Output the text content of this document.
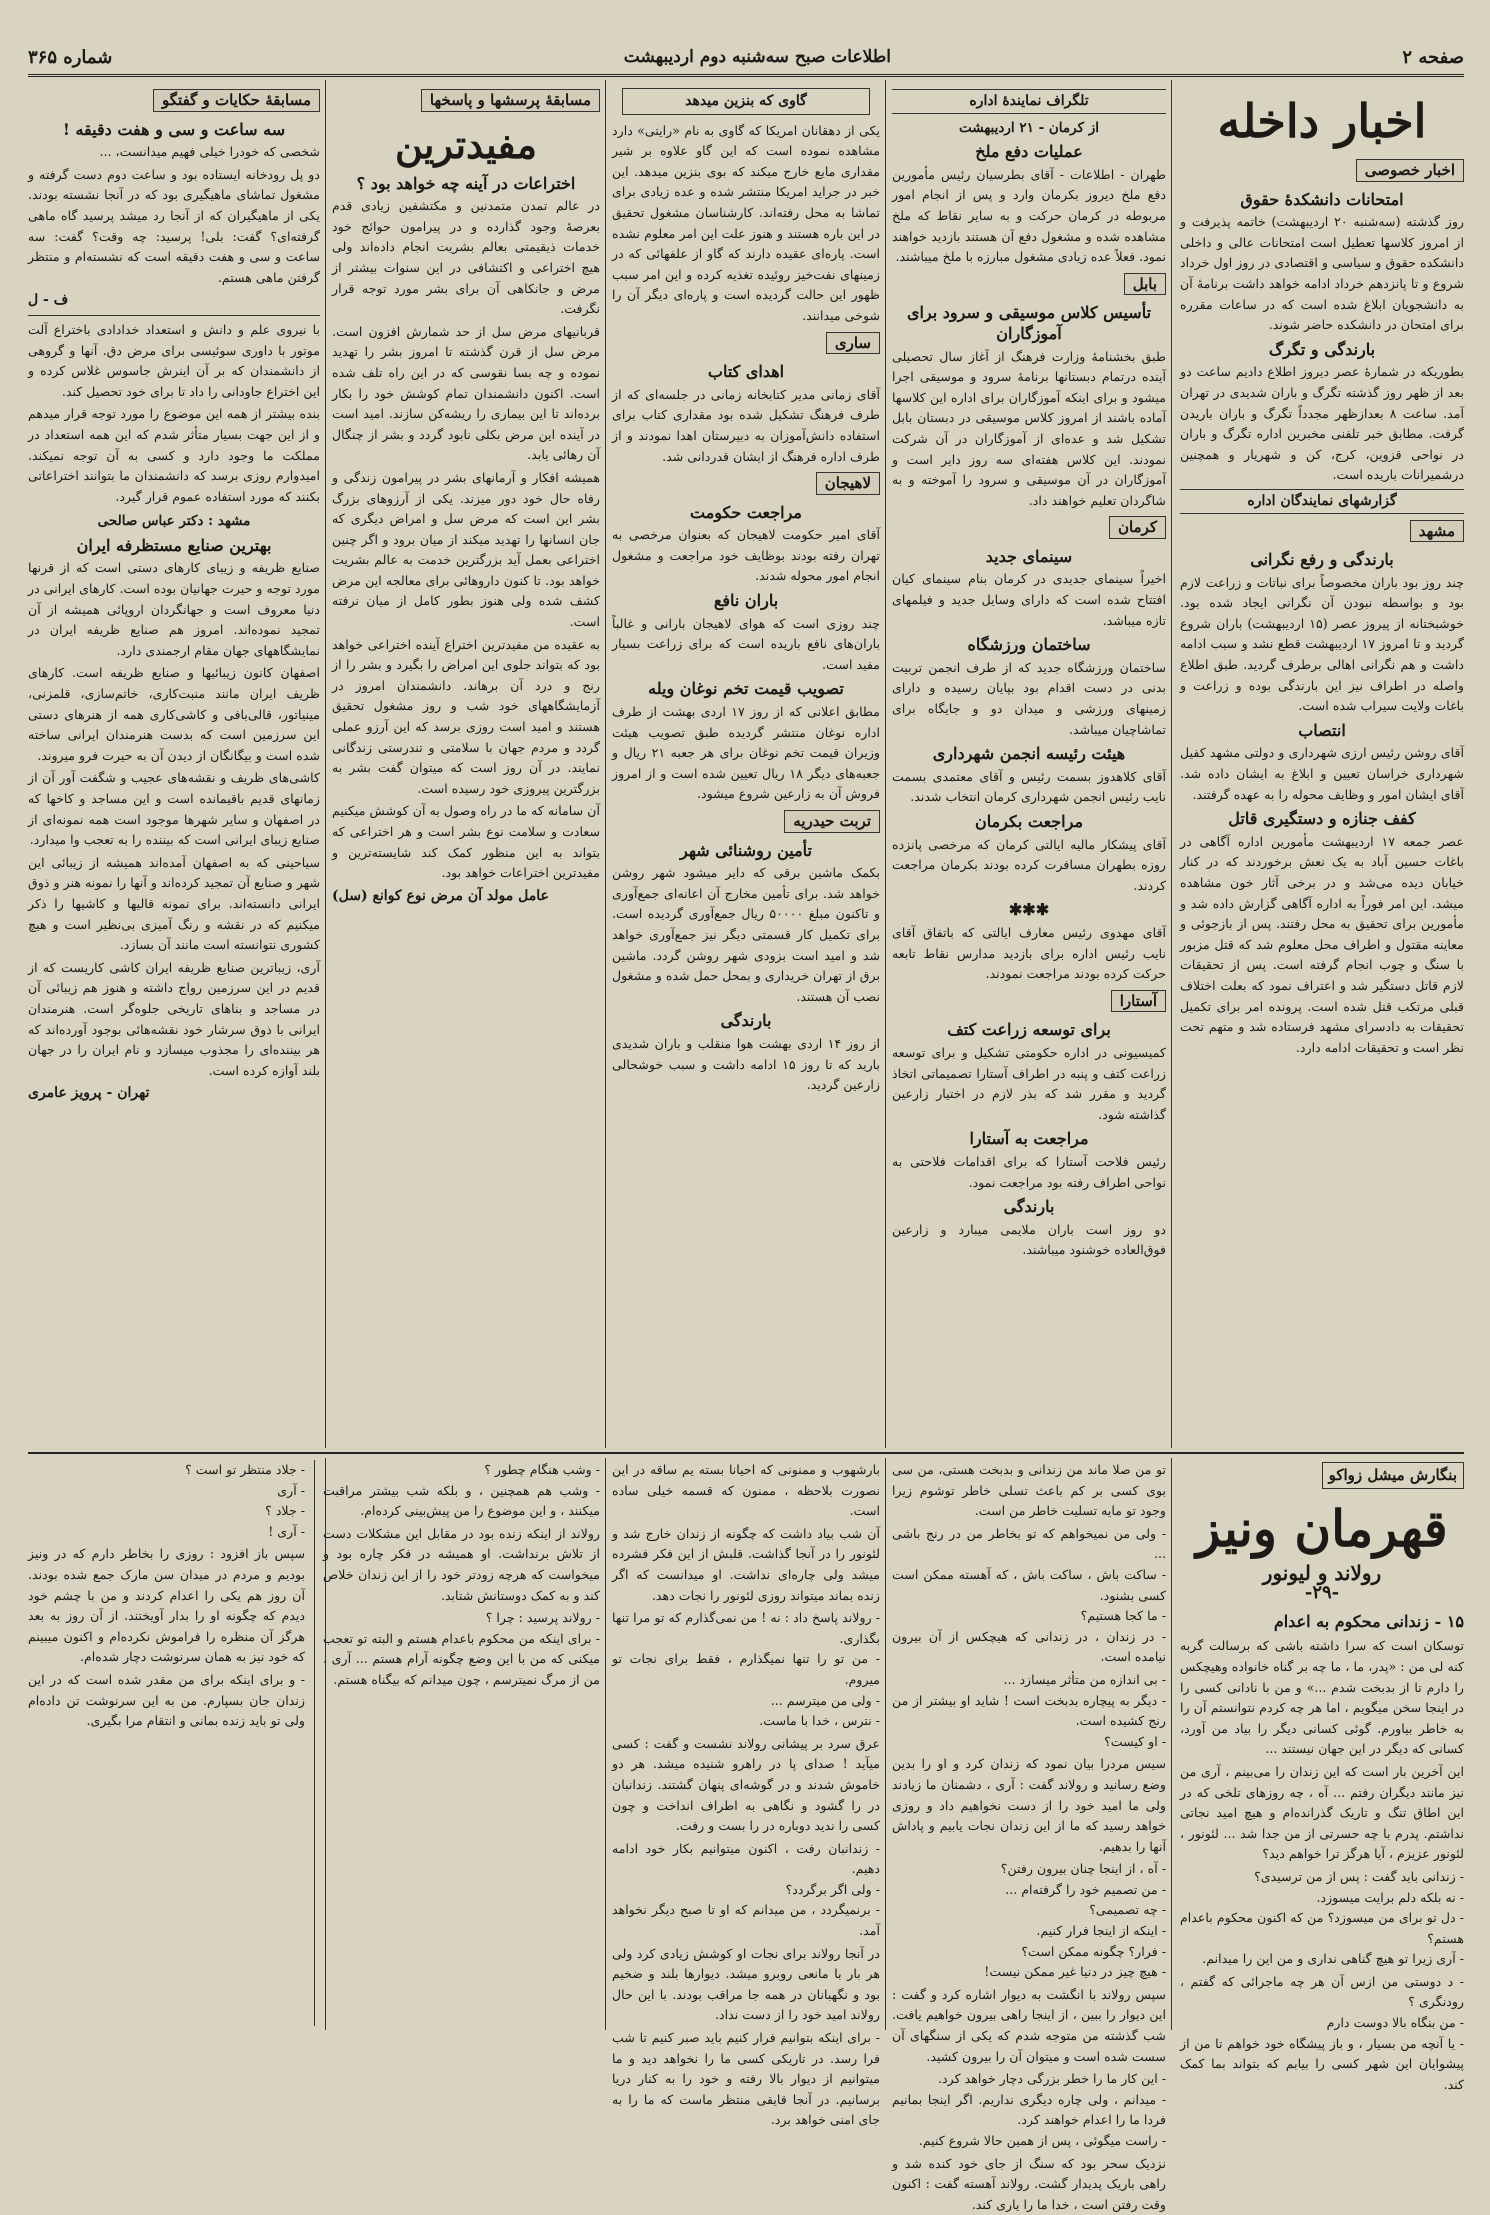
صفحه ۲
اطلاعات صبح سه‌شنبه دوم اردیبهشت
شماره ۳۶۵
اخبار داخله
اخبار خصوصی
امتحانات دانشکدهٔ حقوق

روز گذشته (سه‌شنبه ۲۰ اردیبهشت) خاتمه پذیرفت و از امروز کلاسها تعطیل است امتحانات عالی و داخلی دانشکده حقوق و سیاسی و اقتصادی در روز اول خرداد شروع و تا پانزدهم خرداد ادامه خواهد داشت برنامهٔ آن به دانشجویان ابلاغ شده است که در ساعات مقرره برای امتحان در دانشکده حاضر شوند.

بارندگی و تگرگ

بطوریکه در شمارهٔ عصر دیروز اطلاع دادیم ساعت دو بعد از ظهر روز گذشته تگرگ و باران شدیدی در تهران آمد. ساعت ۸ بعدازظهر مجدداً تگرگ و باران باریدن گرفت. مطابق خبر تلفنی مخبرین اداره تگرگ و باران در نواحی قزوین، کرج، کن و شهریار و همچنین درشمیرانات باریده است.

گزارشهای نمایندگان اداره
مشهد
بارندگی و رفع نگرانی

چند روز بود باران مخصوصاً برای نباتات و زراعت لازم بود و بواسطه نبودن آن نگرانی ایجاد شده بود. خوشبختانه از پیروز عصر (۱۵ اردیبهشت) باران شروع گردید و تا امروز ۱۷ اردیبهشت قطع نشد و سبب ادامه داشت و هم نگرانی اهالی برطرف گردید. طبق اطلاع واصله در اطراف نیز این بارندگی بوده و زراعت و باغات ولایت سیراب شده است.

انتصاب

آقای روشن رئیس ارزی شهرداری و دولتی مشهد کفیل شهرداری خراسان تعیین و ابلاغ به ایشان داده شد. آقای ایشان امور و وظایف محوله را به عهده گرفتند.

کفف جنازه و دستگیری قاتل

عصر جمعه ۱۷ اردیبهشت مأمورین اداره آگاهی در باغات حسین آباد به یک نعش برخوردند که در کنار خیابان دیده می‌شد و در برخی آثار خون مشاهده میشد. این امر فوراً به اداره آگاهی گزارش داده شد و مأمورین برای تحقیق به محل رفتند. پس از بازجوئی و معاینه مقتول و اطراف محل معلوم شد که قتل مزبور با سنگ و چوب انجام گرفته است. پس از تحقیقات لازم قاتل دستگیر شد و اعتراف نمود که بعلت اختلاف قبلی مرتکب قتل شده است. پرونده امر برای تکمیل تحقیقات به دادسرای مشهد فرستاده شد و متهم تحت نظر است و تحقیقات ادامه دارد.

تلگراف نمایندهٔ اداره
از کرمان - ۲۱ اردیبهشت
عملیات دفع ملخ

طهران - اطلاعات - آقای بطرسیان رئیس مأمورین دفع ملخ دیروز بکرمان وارد و پس از انجام امور مربوطه در کرمان حرکت و به سایر نقاط که ملخ مشاهده شده و مشغول دفع آن هستند بازدید خواهند نمود. فعلاً عده زیادی مشغول مبارزه با ملخ میباشند.

بابل
تأسیس کلاس موسیقی و سرود برای آموزگاران

طبق بخشنامهٔ وزارت فرهنگ از آغاز سال تحصیلی آینده درتمام دبستانها برنامهٔ سرود و موسیقی اجرا میشود و برای اینکه آموزگاران برای اداره این کلاسها آماده باشند از امروز کلاس موسیقی در دبستان بابل تشکیل شد و عده‌ای از آموزگاران در آن شرکت نمودند. این کلاس هفته‌ای سه روز دایر است و آموزگاران در آن موسیقی و سرود را آموخته و به شاگردان تعلیم خواهند داد.

کرمان
سینمای جدید

اخیراً سینمای جدیدی در کرمان بنام سینمای کیان افتتاح شده است که دارای وسایل جدید و فیلمهای تازه میباشد.

ساختمان ورزشگاه

ساختمان ورزشگاه جدید که از طرف انجمن تربیت بدنی در دست اقدام بود بپایان رسیده و دارای زمینهای ورزشی و میدان دو و جایگاه برای تماشاچیان میباشد.

هیئت رئیسه انجمن شهرداری

آقای کلاهدوز بسمت رئیس و آقای معتمدی بسمت نایب رئیس انجمن شهرداری کرمان انتخاب شدند.

مراجعت بکرمان

آقای پیشکار مالیه ایالتی کرمان که مرخصی پانزده روزه بطهران مسافرت کرده بودند بکرمان مراجعت کردند.

✱✱✱

آقای مهدوی رئیس معارف ایالتی که باتفاق آقای نایب رئیس اداره برای بازدید مدارس نقاط تابعه حرکت کرده بودند مراجعت نمودند.

آستارا
برای توسعه زراعت کتف

کمیسیونی در اداره حکومتی تشکیل و برای توسعه زراعت کتف و پنبه در اطراف آستارا تصمیماتی اتخاذ گردید و مقرر شد که بذر لازم در اختیار زارعین گذاشته شود.

مراجعت به آستارا

رئیس فلاحت آستارا که برای اقدامات فلاحتی به نواحی اطراف رفته بود مراجعت نمود.

بارندگی

دو روز است باران ملایمی میبارد و زارعین فوق‌العاده خوشنود میباشند.

گاوی که بنزین میدهد

یکی از دهقانان امریکا که گاوی به نام «رایتی» دارد مشاهده نموده است که این گاو علاوه بر شیر مقداری مایع خارج میکند که بوی بنزین میدهد. این خبر در جراید امریکا منتشر شده و عده زیادی برای تماشا به محل رفته‌اند. کارشناسان مشغول تحقیق در این باره هستند و هنوز علت این امر معلوم نشده است. پاره‌ای عقیده دارند که گاو از علفهائی که در زمینهای نفت‌خیز روئیده تغذیه کرده و این امر سبب ظهور این حالت گردیده است و پاره‌ای دیگر آن را شوخی میدانند.

ساری
اهدای کتاب

آقای زمانی مدیر کتابخانه زمانی در جلسه‌ای که از طرف فرهنگ تشکیل شده بود مقداری کتاب برای استفاده دانش‌آموزان به دبیرستان اهدا نمودند و از طرف اداره فرهنگ از ایشان قدردانی شد.

لاهیجان
مراجعت حکومت

آقای امیر حکومت لاهیجان که بعنوان مرخصی به تهران رفته بودند بوظایف خود مراجعت و مشغول انجام امور محوله شدند.

باران نافع

چند روزی است که هوای لاهیجان بارانی و غالباً باران‌های نافع باریده است که برای زراعت بسیار مفید است.

تصویب قیمت تخم نوغان ویله

مطابق اعلانی که از روز ۱۷ اردی بهشت از طرف اداره نوغان منتشر گردیده طبق تصویب هیئت وزیران قیمت تخم نوغان برای هر جعبه ۲۱ ریال و جعبه‌های دیگر ۱۸ ریال تعیین شده است و از امروز فروش آن به زارعین شروع میشود.

تربت حیدریه
تأمین روشنائی شهر

بکمک ماشین برقی که دایر میشود شهر روشن خواهد شد. برای تأمین مخارج آن اعانه‌ای جمع‌آوری و تاکنون مبلغ ۵۰۰۰۰ ریال جمع‌آوری گردیده است. برای تکمیل کار قسمتی دیگر نیز جمع‌آوری خواهد شد و امید است بزودی شهر روشن گردد. ماشین برق از تهران خریداری و بمحل حمل شده و مشغول نصب آن هستند.

بارندگی

از روز ۱۴ اردی بهشت هوا منقلب و باران شدیدی بارید که تا روز ۱۵ ادامه داشت و سبب خوشحالی زارعین گردید.

مسابقهٔ پرسشها و پاسخها
مفیدترین
اختراعات در آینه چه خواهد بود ؟

در عالم تمدن متمدنین و مکتشفین زیادی قدم بعرصهٔ وجود گذارده و در پیرامون حوائج خود خدمات ذیقیمتی بعالم بشریت انجام داده‌اند ولی هیچ اختراعی و اکتشافی در این سنوات بیشتر از مرض و جانکاهی آن برای بشر مورد توجه قرار نگرفت.

قربانیهای مرض سل از حد شمارش افزون است. مرض سل از قرن گذشته تا امروز بشر را تهدید نموده و چه بسا نقوسی که در این راه تلف شده است. اکنون دانشمندان تمام کوشش خود را بکار برده‌اند تا این بیماری را ریشه‌کن سازند. امید است در آینده این مرض بکلی نابود گردد و بشر از چنگال آن رهائی یابد.

همیشه افکار و آرمانهای بشر در پیرامون زندگی و رفاه حال خود دور میزند. یکی از آرزوهای بزرگ بشر این است که مرض سل و امراض دیگری که جان انسانها را تهدید میکند از میان برود و اگر چنین اختراعی بعمل آید بزرگترین خدمت به عالم بشریت خواهد بود. تا کنون داروهائی برای معالجه این مرض کشف شده ولی هنوز بطور کامل از میان نرفته است.

به عقیده من مفیدترین اختراع آینده اختراعی خواهد بود که بتواند جلوی این امراض را بگیرد و بشر را از رنج و درد آن برهاند. دانشمندان امروز در آزمایشگاههای خود شب و روز مشغول تحقیق هستند و امید است روزی برسد که این آرزو عملی گردد و مردم جهان با سلامتی و تندرستی زندگانی نمایند. در آن روز است که میتوان گفت بشر به بزرگترین پیروزی خود رسیده است.

آن سامانه که ما در راه وصول به آن کوشش میکنیم سعادت و سلامت نوع بشر است و هر اختراعی که بتواند به این منظور کمک کند شایسته‌ترین و مفیدترین اختراعات خواهد بود.

عامل مولد آن مرض نوع کوانع (سل)
مسابقهٔ حکایات و گفتگو
سه ساعت و سی و هفت دقیقه !

شخصی که خودرا خیلی فهیم میدانست، ...

دو پل رودخانه ایستاده بود و ساعت دوم دست گرفته و مشغول تماشای ماهیگیری بود که در آنجا نشسته بودند. یکی از ماهیگیران که از آنجا رد میشد پرسید گاه ماهی گرفته‌ای؟ گفت: بلی! پرسید: چه وقت؟ گفت: سه ساعت و سی و هفت دقیقه است که نشسته‌ام و منتظر گرفتن ماهی هستم.

ف - ل

با نیروی علم و دانش و استعداد خدادادی باختراع آلت موتور با داوری سوئیسی برای مرض دق. آنها و گروهی از دانشمندان که بر آن اینرش جاسوس غلاس کرده و این اختراع جاودانی را داد تا برای خود تحصیل کند.

بنده بیشتر از همه این موضوع را مورد توجه قرار میدهم و از این جهت بسیار متأثر شدم که این همه استعداد در مملکت ما وجود دارد و کسی به آن توجه نمیکند. امیدوارم روزی برسد که دانشمندان ما بتوانند اختراعاتی بکنند که مورد استفاده عموم قرار گیرد.

مشهد : دکتر عباس صالحی
بهترین صنایع مستظرفه ایران

صنایع ظریفه و زیبای کارهای دستی است که از قرنها مورد توجه و حیرت جهانیان بوده است. کارهای ایرانی در دنیا معروف است و جهانگردان اروپائی همیشه از آن تمجید نموده‌اند. امروز هم صنایع ظریفه ایران در نمایشگاههای جهان مقام ارجمندی دارد.

اصفهان کانون زیبائیها و صنایع ظریفه است. کارهای ظریف ایران مانند منبت‌کاری، خاتم‌سازی، قلمزنی، مینیاتور، قالی‌بافی و کاشی‌کاری همه از هنرهای دستی این سرزمین است که بدست هنرمندان ایرانی ساخته شده است و بیگانگان از دیدن آن به حیرت فرو میروند.

کاشی‌های ظریف و نقشه‌های عجیب و شگفت آور آن از زمانهای قدیم باقیمانده است و این مساجد و کاخها که در اصفهان و سایر شهرها موجود است همه نمونه‌ای از صنایع زیبای ایرانی است که بیننده را به تعجب وا میدارد.

سیاحینی که به اصفهان آمده‌اند همیشه از زیبائی این شهر و صنایع آن تمجید کرده‌اند و آنها را نمونه هنر و ذوق ایرانی دانسته‌اند. برای نمونه قالیها و کاشیها را ذکر میکنیم که در نقشه و رنگ آمیزی بی‌نظیر است و هیچ کشوری نتوانسته است مانند آن بسازد.

آری، زیباترین صنایع ظریفه ایران کاشی کاریست که از قدیم در این سرزمین رواج داشته و هنوز هم زیبائی آن در مساجد و بناهای تاریخی جلوه‌گر است. هنرمندان ایرانی با ذوق سرشار خود نقشه‌هائی بوجود آورده‌اند که هر بیننده‌ای را مجذوب میسازد و نام ایران را در جهان بلند آوازه کرده است.

تهران - پرویز عامری
بنگارش میشل زواکو
قهرمان ونیز
رولاند و لیونور
-۲۹-
۱۵ - زندانی محکوم به اعدام

توسکان است که سرا داشته باشی که برسالت گربه کنه لی من : «پدر، ما ، ما چه بر گناه خانواده وهیچکس را دارم تا از بدبخت شدم ...» و من با نادانی کسی را در اینجا سخن میگویم ، اما هر چه کردم نتوانستم آن را به خاطر بیاورم. گوئی کسانی دیگر را بیاد من آورد، کسانی که دیگر در این جهان نیستند ...

این آخرین بار است که این زندان را می‌بینم ، آری من نیز مانند دیگران رفتم ... آه ، چه روزهای تلخی که در این اطاق تنگ و تاریک گذرانده‌ام و هیچ امید نجاتی نداشتم. پدرم با چه حسرتی از من جدا شد ... لئونور ، لئونور عزیزم ، آیا هرگز ترا خواهم دید؟

- زندانی باید گفت : پس از من ترسیدی؟
- نه بلکه دلم برایت میسوزد.
- دل تو برای من میسوزد؟ من که اکنون محکوم باعدام هستم؟
- آری زیرا تو هیچ گناهی نداری و من این را میدانم.

- د دوستی من ازس آن هر چه ماجرائی که گفتم ، رودنگری ؟
- من بنگاه بالا دوست دارم
- یا آنچه من بسیار ، و باز پیشگاه خود خواهم تا من از پیشوایان این شهر کسی را بیابم که بتواند بما کمک کند.

تو من صلا ماند من زندانی و بدبخت هستی، من سی بوی کسی بر کم باعث تسلی خاطر توشوم زیرا وجود تو مایه تسلیت خاطر من است.

- ولی من نمیخواهم که تو بخاطر من در رنج باشی ...
- ساکت باش ، ساکت باش ، که آهسته ممکن است کسی بشنود.
- ما کجا هستیم؟
- در زندان ، در زندانی که هیچکس از آن بیرون نیامده است.

- بی اندازه من متأثر میسازد ...
- دیگر به پیچاره بدبخت است ! شاید او بیشتر از من رنج کشیده است.
- او کیست؟

سیس مردرا بیان نمود که زندان کرد و او را بدین وضع رسانید و رولاند گفت : آری ، دشمنان ما زیادند ولی ما امید خود را از دست نخواهیم داد و روزی خواهد رسید که ما از این زندان نجات یابیم و پاداش آنها را بدهیم.

- آه ، از اینجا چنان بیرون رفتن؟
- من تصمیم خود را گرفته‌ام ...
- چه تصمیمی؟
- اینکه از اینجا فرار کنیم.
- فرار؟ چگونه ممکن است؟
- هیچ چیز در دنیا غیر ممکن نیست!

سپس رولاند با انگشت به دیوار اشاره کرد و گفت : این دیوار را ببین ، از اینجا راهی بیرون خواهیم یافت. شب گذشته من متوجه شدم که یکی از سنگهای آن سست شده است و میتوان آن را بیرون کشید.

- این کار ما را خطر بزرگی دچار خواهد کرد.
- میدانم ، ولی چاره دیگری نداریم. اگر اینجا بمانیم فردا ما را اعدام خواهند کرد.
- راست میگوئی ، پس از همین حالا شروع کنیم.

نزدیک سحر بود که سنگ از جای خود کنده شد و راهی باریک پدیدار گشت. رولاند آهسته گفت : اکنون وقت رفتن است ، خدا ما را یاری کند.

بارشهوب و ممنونی که احیانا بسته یم ساقه در این نصورت بلاحظه ، ممنون که قسمه خیلی ساده است.

آن شب بیاد داشت که چگونه از زندان خارج شد و لئونور را در آنجا گذاشت. قلبش از این فکر فشرده میشد ولی چاره‌ای نداشت. او میدانست که اگر زنده بماند میتواند روزی لئونور را نجات دهد.

- رولاند پاسخ داد : نه ! من نمی‌گذارم که تو مرا تنها بگذاری.
- من تو را تنها نمیگذارم ، فقط برای نجات تو میروم.
- ولی من میترسم ...
- نترس ، خدا با ماست.

عرق سرد بر پیشانی رولاند نشست و گفت : کسی میآید ! صدای پا در راهرو شنیده میشد. هر دو خاموش شدند و در گوشه‌ای پنهان گشتند. زندانبان در را گشود و نگاهی به اطراف انداخت و چون کسی را ندید دوباره در را بست و رفت.

- زندانبان رفت ، اکنون میتوانیم بکار خود ادامه دهیم.
- ولی اگر برگردد؟
- برنمیگردد ، من میدانم که او تا صبح دیگر نخواهد آمد.

در آنجا رولاند برای نجات او کوشش زیادی کرد ولی هر بار با مانعی روبرو میشد. دیوارها بلند و ضخیم بود و نگهبانان در همه جا مراقب بودند. با این حال رولاند امید خود را از دست نداد.

- برای اینکه بتوانیم فرار کنیم باید صبر کنیم تا شب فرا رسد. در تاریکی کسی ما را نخواهد دید و ما میتوانیم از دیوار بالا رفته و خود را به کنار دریا برسانیم. در آنجا قایقی منتظر ماست که ما را به جای امنی خواهد برد.

- وشب هنگام چطور ؟
- وشب هم همچنین ، و بلکه شب بیشتر مراقبت میکنند ، و این موضوع را من پیش‌بینی کرده‌ام.

رولاند از اینکه زنده بود در مقابل این مشکلات دست از تلاش برنداشت. او همیشه در فکر چاره بود و میخواست که هرچه زودتر خود را از این زندان خلاص کند و به کمک دوستانش شتابد.

- رولاند پرسید : چرا ؟
- برای اینکه من محکوم باعدام هستم و البته تو تعجب میکنی که من با این وضع چگونه آرام هستم ... آری ، من از مرگ نمیترسم ، چون میدانم که بیگناه هستم.

- جلاد منتظر تو است ؟
- آری
- جلاد ؟
- آری !

سپس باز افزود : روزی را بخاطر دارم که در ونیز بودیم و مردم در میدان سن مارک جمع شده بودند. آن روز هم یکی را اعدام کردند و من با چشم خود دیدم که چگونه او را بدار آویختند. از آن روز به بعد هرگز آن منظره را فراموش نکرده‌ام و اکنون میبینم که خود نیز به همان سرنوشت دچار شده‌ام.

- و برای اینکه برای من مقدر شده است که در این زندان جان بسپارم. من به این سرنوشت تن داده‌ام ولی تو باید زنده بمانی و انتقام مرا بگیری.
